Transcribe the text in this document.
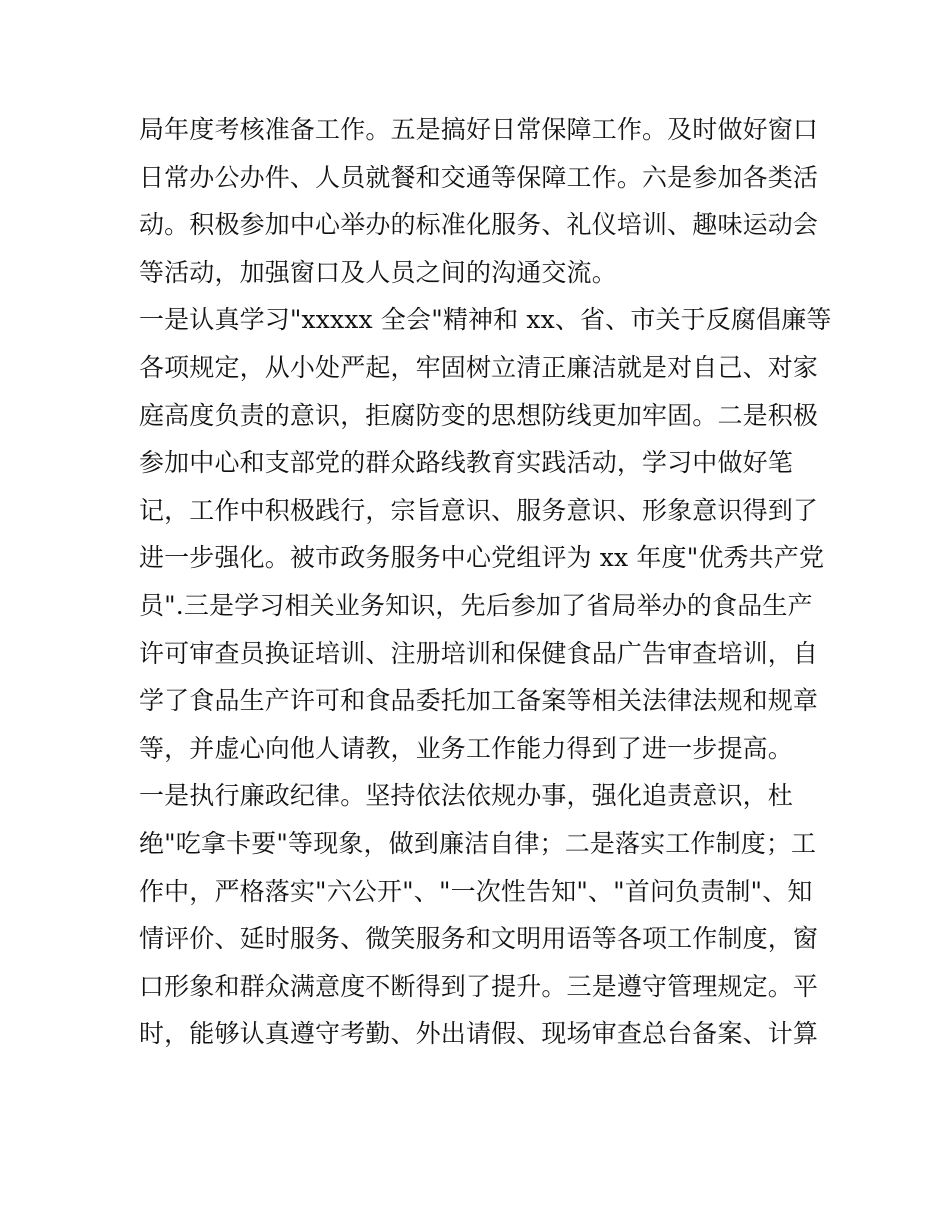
局年度考核准备工作。五是搞好日常保障工作。及时做好窗口
日常办公办件、人员就餐和交通等保障工作。六是参加各类活
动。积极参加中心举办的标准化服务、礼仪培训、趣味运动会
等活动，加强窗口及人员之间的沟通交流。
一是认真学习"xxxxx 全会"精神和 xx、省、市关于反腐倡廉等
各项规定，从小处严起，牢固树立清正廉洁就是对自己、对家
庭高度负责的意识，拒腐防变的思想防线更加牢固。二是积极
参加中心和支部党的群众路线教育实践活动，学习中做好笔
记，工作中积极践行，宗旨意识、服务意识、形象意识得到了
进一步强化。被市政务服务中心党组评为 xx 年度"优秀共产党
员".三是学习相关业务知识，先后参加了省局举办的食品生产
许可审查员换证培训、注册培训和保健食品广告审查培训，自
学了食品生产许可和食品委托加工备案等相关法律法规和规章
等，并虚心向他人请教，业务工作能力得到了进一步提高。
一是执行廉政纪律。坚持依法依规办事，强化追责意识，杜
绝"吃拿卡要"等现象，做到廉洁自律；二是落实工作制度；工
作中，严格落实"六公开"、"一次性告知"、"首问负责制"、知
情评价、延时服务、微笑服务和文明用语等各项工作制度，窗
口形象和群众满意度不断得到了提升。三是遵守管理规定。平
时，能够认真遵守考勤、外出请假、现场审查总台备案、计算
